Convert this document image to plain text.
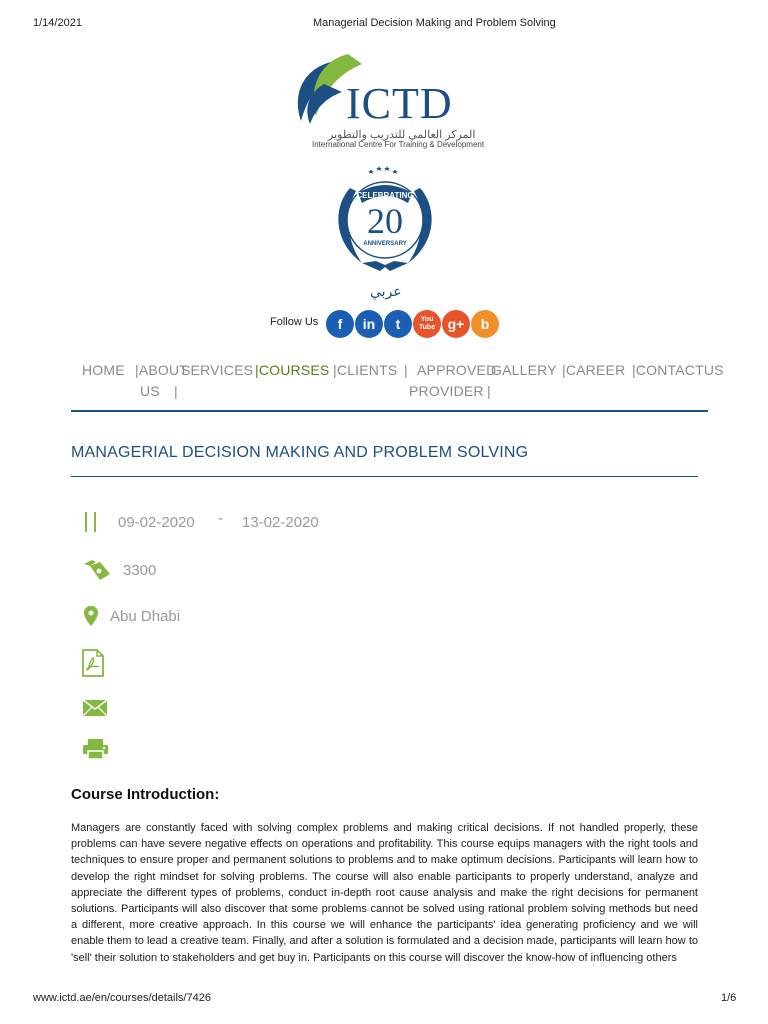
1/14/2021	Managerial Decision Making and Problem Solving
ICTD
المركز العالمي للتدريب والتطوير
International Centre For Training & Development
CELEBRATING
20
ANNIVERSARY
عربي
Follow Us	f	in	t	You
Tube g+	b
HOME |ABOUT
US
SERVICES
|
|COURSES |CLIENTS | APPROVED
PROVIDER
GALLERY
|
|CAREER |CONTACTUS
MANAGERIAL DECISION MAKING AND PROBLEM SOLVING
09-02-2020 - 13-02-2020
3300
Abu Dhabi
Course Introduction:
Managers are constantly faced with solving complex problems and making critical decisions. If not handled properly, these problems can have severe negative effects on operations and profitability. This course equips managers with the right tools and techniques to ensure proper and permanent solutions to problems and to make optimum decisions. Participants will learn how to develop the right mindset for solving problems. The course will also enable participants to properly understand, analyze and appreciate the different types of problems, conduct in-depth root cause analysis and make the right decisions for permanent solutions. Participants will also discover that some problems cannot be solved using rational problem solving methods but need a different, more creative approach. In this course we will enhance the participants' idea generating proficiency and we will enable them to lead a creative team. Finally, and after a solution is formulated and a decision made, participants will learn how to 'sell' their solution to stakeholders and get buy in. Participants on this course will discover the know-how of influencing others
www.ictd.ae/en/courses/details/7426	1/6
